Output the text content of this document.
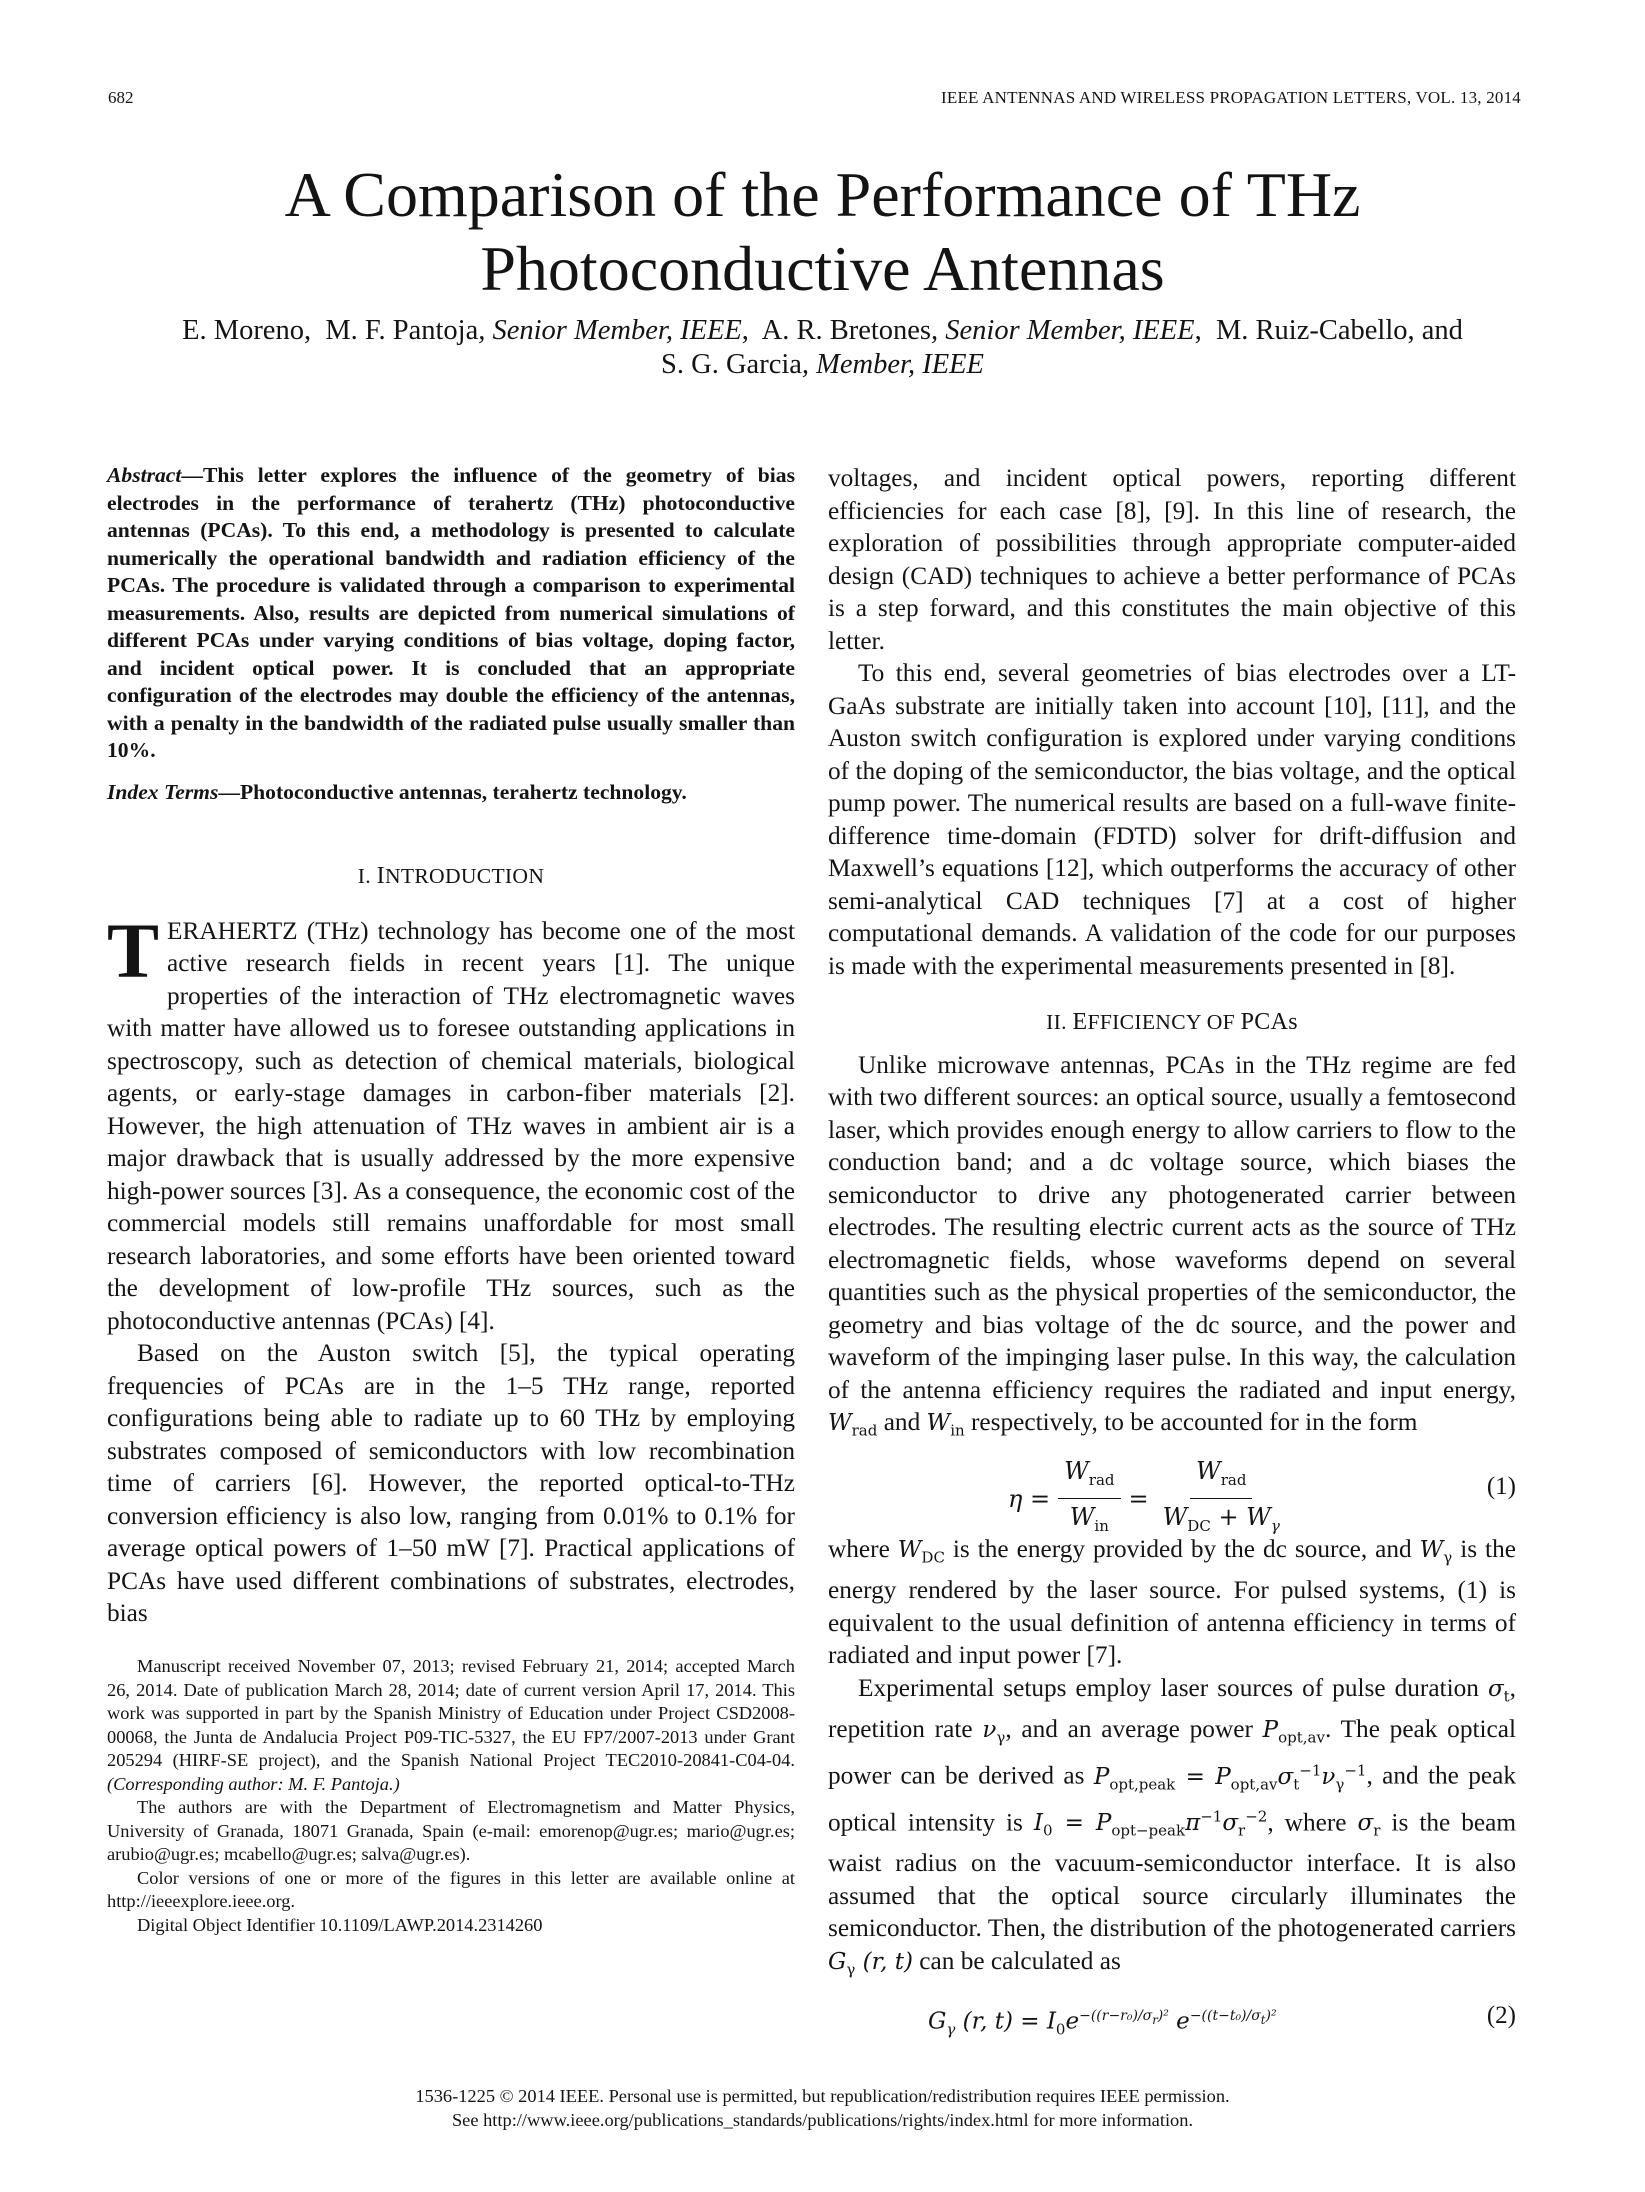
682	IEEE ANTENNAS AND WIRELESS PROPAGATION LETTERS, VOL. 13, 2014
A Comparison of the Performance of THz
Photoconductive Antennas
E. Moreno, M. F. Pantoja, Senior Member, IEEE,  A. R. Bretones, Senior Member, IEEE,  M. Ruiz-Cabello, and
S. G. Garcia, Member, IEEE

Abstract—This letter explores the influence of the geometry of bias electrodes in the performance of terahertz (THz) photoconductive antennas (PCAs). To this end, a methodology is presented to calculate numerically the operational bandwidth and radiation efficiency of the PCAs. The procedure is validated through a comparison to experimental measurements. Also, results are depicted from numerical simulations of different PCAs under varying conditions of bias voltage, doping factor, and incident optical power. It is concluded that an appropriate configuration of the electrodes may double the efficiency of the antennas, with a penalty in the bandwidth of the radiated pulse usually smaller than 10%.

Index Terms—Photoconductive antennas, terahertz technology.

I. INTRODUCTION

TERAHERTZ (THz) technology has become one of the most active research fields in recent years [1]. The unique properties of the interaction of THz electromagnetic waves with matter have allowed us to foresee outstanding applications in spectroscopy, such as detection of chemical materials, biological agents, or early-stage damages in carbon-fiber materials [2]. However, the high attenuation of THz waves in ambient air is a major drawback that is usually addressed by the more expensive high-power sources [3]. As a consequence, the economic cost of the commercial models still remains unaffordable for most small research laboratories, and some efforts have been oriented toward the development of low-profile THz sources, such as the photoconductive antennas (PCAs) [4].

Based on the Auston switch [5], the typical operating frequencies of PCAs are in the 1–5 THz range, reported configurations being able to radiate up to 60 THz by employing substrates composed of semiconductors with low recombination time of carriers [6]. However, the reported optical-to-THz conversion efficiency is also low, ranging from 0.01% to 0.1% for average optical powers of 1–50 mW [7]. Practical applications of PCAs have used different combinations of substrates, electrodes, bias

voltages, and incident optical powers, reporting different efficiencies for each case [8], [9]. In this line of research, the exploration of possibilities through appropriate computer-aided design (CAD) techniques to achieve a better performance of PCAs is a step forward, and this constitutes the main objective of this letter.

To this end, several geometries of bias electrodes over a LT-GaAs substrate are initially taken into account [10], [11], and the Auston switch configuration is explored under varying conditions of the doping of the semiconductor, the bias voltage, and the optical pump power. The numerical results are based on a full-wave finite-difference time-domain (FDTD) solver for drift-diffusion and Maxwell’s equations [12], which outperforms the accuracy of other semi-analytical CAD techniques [7] at a cost of higher computational demands. A validation of the code for our purposes is made with the experimental measurements presented in [8].

II. EFFICIENCY OF PCAs

Unlike microwave antennas, PCAs in the THz regime are fed with two different sources: an optical source, usually a femtosecond laser, which provides enough energy to allow carriers to flow to the conduction band; and a dc voltage source, which biases the semiconductor to drive any photogenerated carrier between electrodes. The resulting electric current acts as the source of THz electromagnetic fields, whose waveforms depend on several quantities such as the physical properties of the semiconductor, the geometry and bias voltage of the dc source, and the power and waveform of the impinging laser pulse. In this way, the calculation of the antenna efficiency requires the radiated and input energy, $W_{rad}$ and $W_{in}$ respectively, to be accounted for in the form

$\eta = \frac{W_{rad}}{W_{in}} = \frac{W_{rad}}{W_{DC} + W_\gamma}$	(1)

where $W_{DC}$ is the energy provided by the dc source, and $W_\gamma$ is the energy rendered by the laser source. For pulsed systems, (1) is equivalent to the usual definition of antenna efficiency in terms of radiated and input power [7].

Experimental setups employ laser sources of pulse duration $\sigma_t$, repetition rate $\nu_\gamma$, and an average power $P_{opt,av}$. The peak optical power can be derived as $P_{opt,peak} = P_{opt,av}\sigma_t^{-1}\nu_\gamma^{-1}$, and the peak optical intensity is $I_0 = P_{opt-peak}\pi^{-1}\sigma_r^{-2}$, where $\sigma_r$ is the beam waist radius on the vacuum-semiconductor interface. It is also assumed that the optical source circularly illuminates the semiconductor. Then, the distribution of the photogenerated carriers $G_\gamma$ (r, t) can be calculated as

$G_\gamma$ (r, $t) = I_0e^{-((r-r_0)/\sigma_r)^2}$ $e^{-((t-t_0)/\sigma_t)^2}$	(2)

Manuscript received November 07, 2013; revised February 21, 2014; accepted March 26, 2014. Date of publication March 28, 2014; date of current version April 17, 2014. This work was supported in part by the Spanish Ministry of Education under Project CSD2008-00068, the Junta de Andalucia Project P09-TIC-5327, the EU FP7/2007-2013 under Grant 205294 (HIRF-SE project), and the Spanish National Project TEC2010-20841-C04-04. (Corresponding author: M. F. Pantoja.)

The authors are with the Department of Electromagnetism and Matter Physics, University of Granada, 18071 Granada, Spain (e-mail: emorenop@ugr.es; mario@ugr.es; arubio@ugr.es; mcabello@ugr.es; salva@ugr.es).

Color versions of one or more of the figures in this letter are available online at http://ieeexplore.ieee.org.

Digital Object Identifier 10.1109/LAWP.2014.2314260

1536-1225 © 2014 IEEE. Personal use is permitted, but republication/redistribution requires IEEE permission.
See http://www.ieee.org/publications_standards/publications/rights/index.html for more information.
